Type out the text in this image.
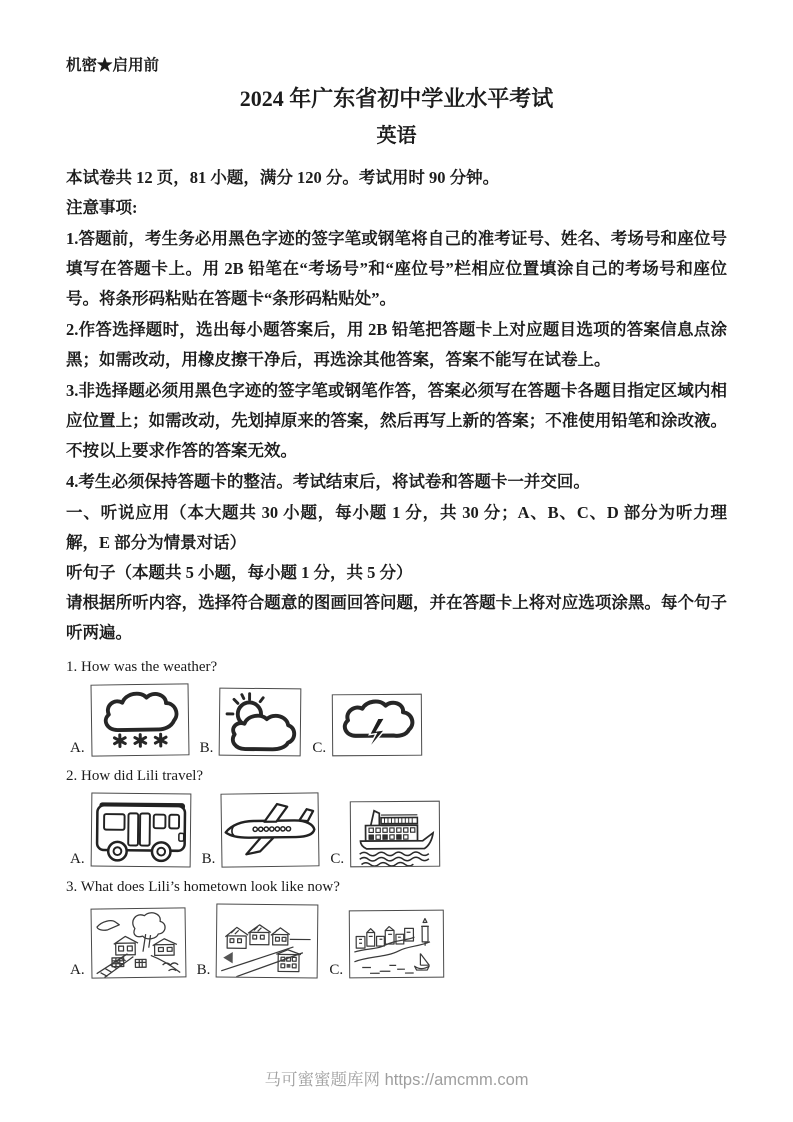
机密★启用前
2024 年广东省初中学业水平考试
英语

本试卷共 12 页，81 小题，满分 120 分。考试用时 90 分钟。

注意事项:

1.答题前，考生务必用黑色字迹的签字笔或钢笔将自己的准考证号、姓名、考场号和座位号填写在答题卡上。用 2B 铅笔在“考场号”和“座位号”栏相应位置填涂自己的考场号和座位号。将条形码粘贴在答题卡“条形码粘贴处”。

2.作答选择题时，选出每小题答案后，用 2B 铅笔把答题卡上对应题目选项的答案信息点涂黑；如需改动，用橡皮擦干净后，再选涂其他答案，答案不能写在试卷上。

3.非选择题必须用黑色字迹的签字笔或钢笔作答，答案必须写在答题卡各题目指定区域内相应位置上；如需改动，先划掉原来的答案，然后再写上新的答案；不准使用铅笔和涂改液。不按以上要求作答的答案无效。

4.考生必须保持答题卡的整洁。考试结束后，将试卷和答题卡一并交回。

一、听说应用（本大题共 30 小题，每小题 1 分，共 30 分；A、B、C、D 部分为听力理解，E 部分为情景对话）

听句子（本题共 5 小题，每小题 1 分，共 5 分）

请根据所听内容，选择符合题意的图画回答问题，并在答题卡上将对应选项涂黑。每个句子听两遍。

1. How was the weather?
A.	B.	C.
2. How did Lili travel?
A.	B.	C.
3. What does Lili’s hometown look like now?
A.	B.	C.
马可蜜蜜题库网 https://amcmm.com
